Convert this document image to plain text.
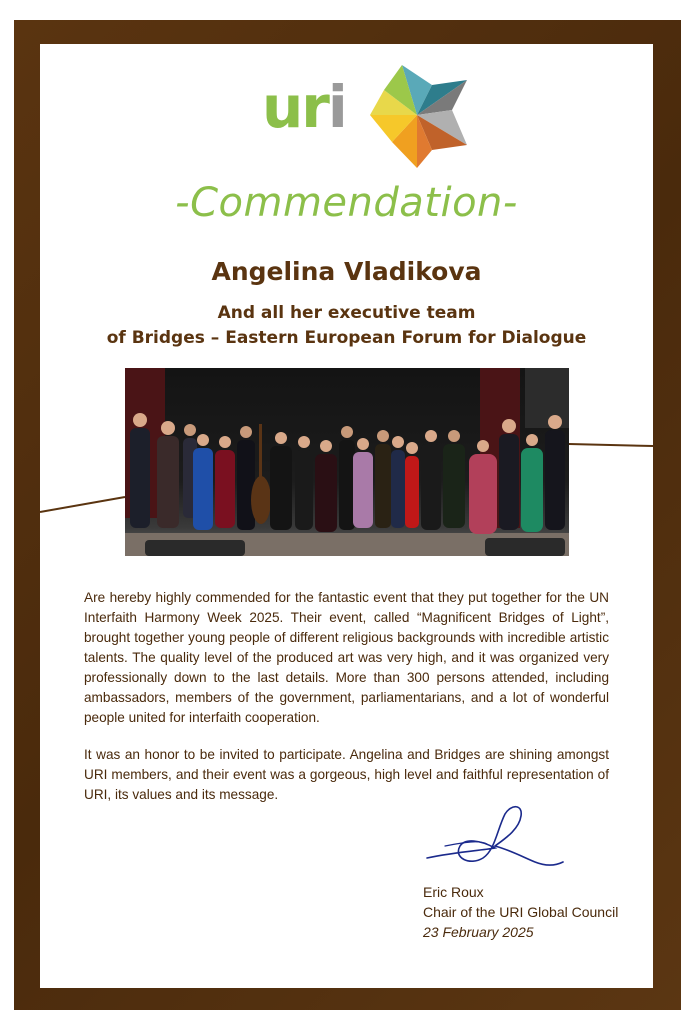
uri
-Commendation-
Angelina Vladikova
And all her executive team
of Bridges – Eastern European Forum for Dialogue

Are hereby highly commended for the fantastic event that they put together for the UN Interfaith Harmony Week 2025. Their event, called “Magnificent Bridges of Light”, brought together young people of different religious backgrounds with incredible artistic talents. The quality level of the produced art was very high, and it was organized very professionally down to the last details. More than 300 persons attended, including ambassadors, members of the government, parliamentarians, and a lot of wonderful people united for interfaith cooperation.

It was an honor to be invited to participate. Angelina and Bridges are shining amongst URI members, and their event was a gorgeous, high level and faithful representation of URI, its values and its message.

Eric Roux
Chair of the URI Global Council
23 February 2025
